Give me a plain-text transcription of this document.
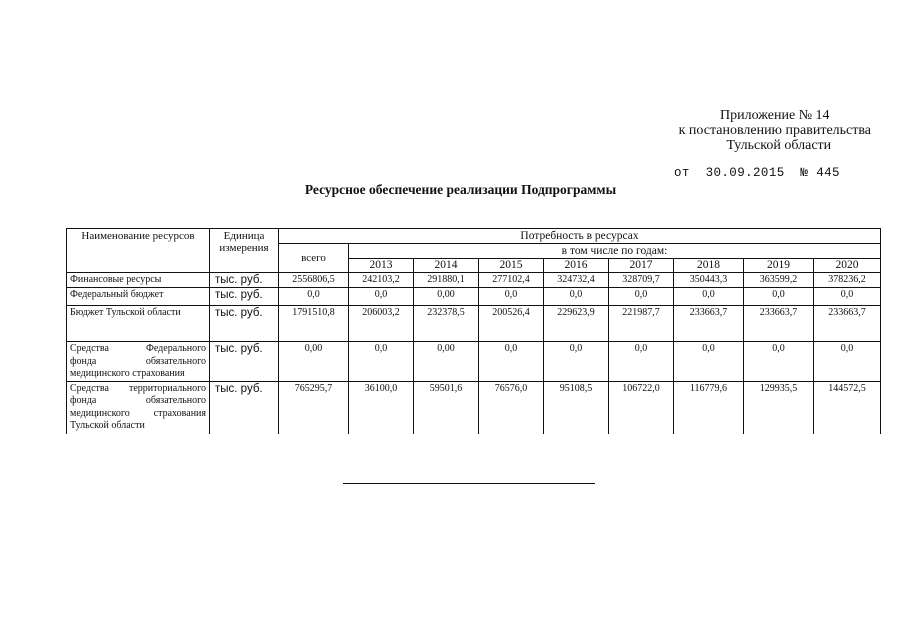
Приложение № 14
к постановлению правительства
Тульской области
от  30.09.2015  № 445
Ресурсное обеспечение реализации Подпрограммы
Наименование ресурсов	Единица измерения	Потребность в ресурсах								
		всего	в том числе по годам:							
			2013	2014	2015	2016	2017	2018	2019	2020
Финансовые ресурсы	тыс. руб.	2556806,5	242103,2	291880,1	277102,4	324732,4	328709,7	350443,3	363599,2	378236,2
Федеральный бюджет	тыс. руб.	0,0	0,0	0,00	0,0	0,0	0,0	0,0	0,0	0,0
Бюджет Тульской области	тыс. руб.	1791510,8	206003,2	232378,5	200526,4	229623,9	221987,7	233663,7	233663,7	233663,7

Средства Федерального
фонда обязательного
медицинского страхования	тыс. руб.	0,00	0,0	0,00	0,0	0,0	0,0	0,0	0,0	0,0

Средства территориального
фонда обязательного
медицинского страхования
Тульской области	тыс. руб.	765295,7	36100,0	59501,6	76576,0	95108,5	106722,0	116779,6	129935,5	144572,5
